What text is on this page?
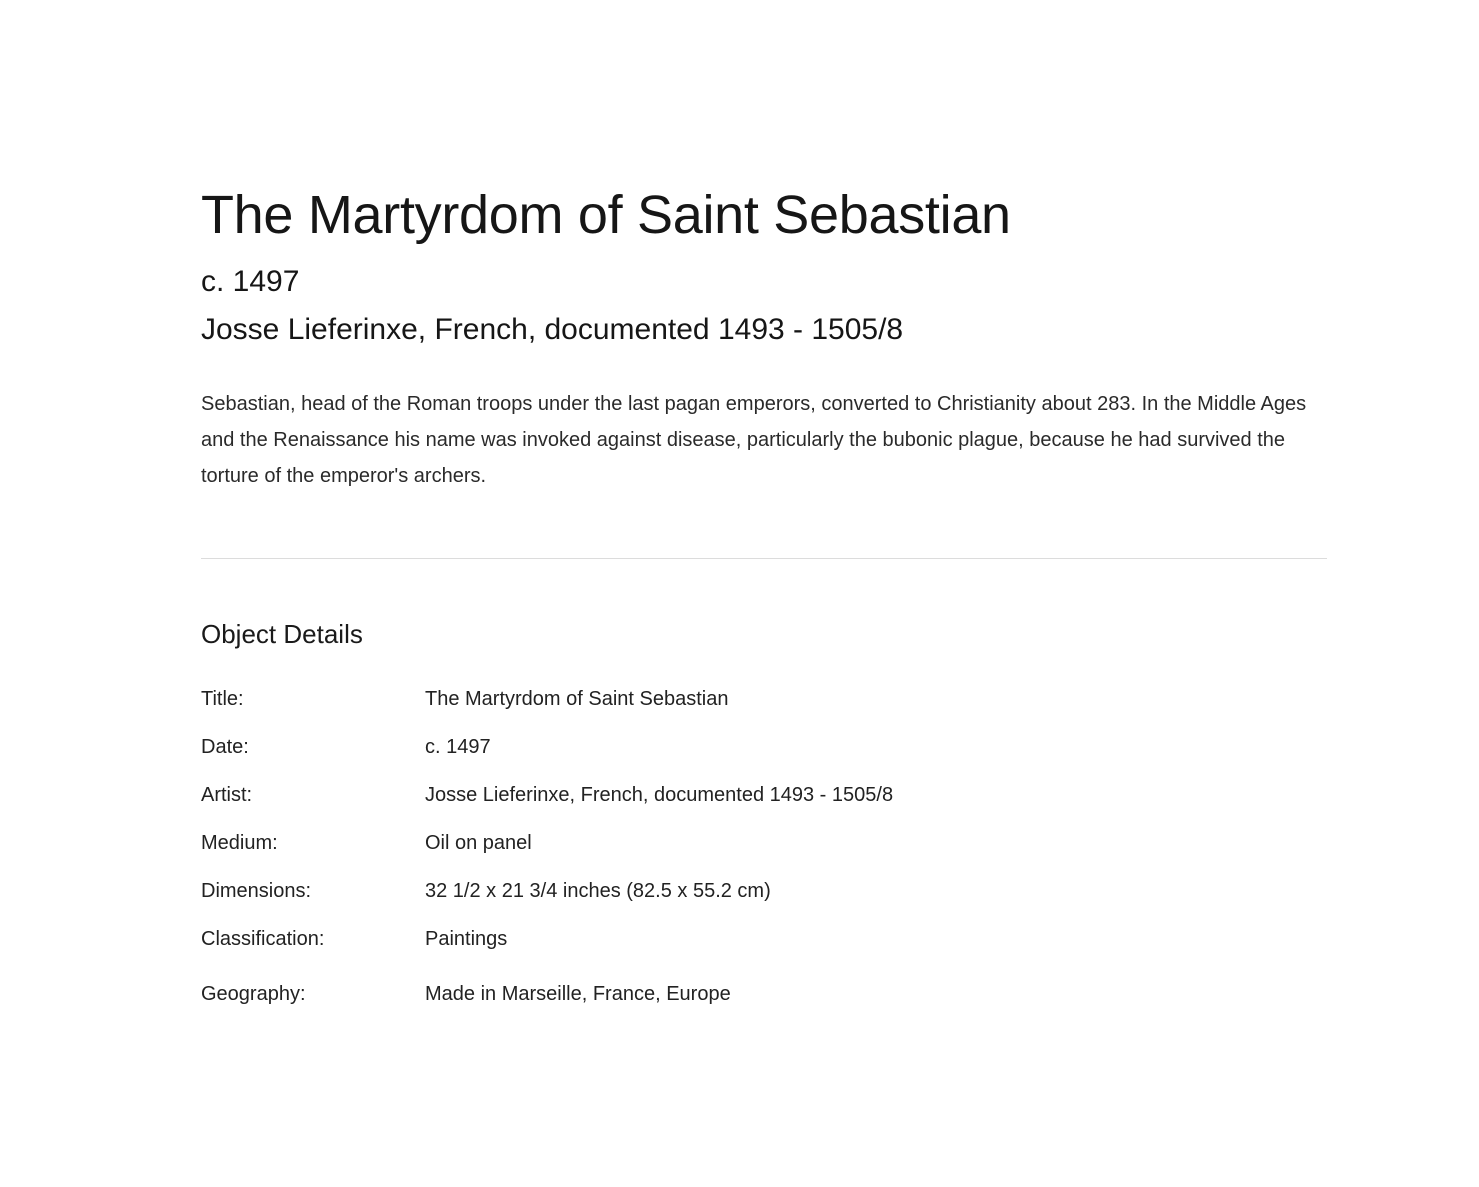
The Martyrdom of Saint Sebastian
c. 1497
Josse Lieferinxe, French, documented 1493 - 1505/8

Sebastian, head of the Roman troops under the last pagan emperors, converted to Christianity about 283. In the Middle Ages and the Renaissance his name was invoked against disease, particularly the bubonic plague, because he had survived the torture of the emperor's archers.

Object Details
Title:	The Martyrdom of Saint Sebastian
Date:	c. 1497
Artist:	Josse Lieferinxe, French, documented 1493 - 1505/8
Medium:	Oil on panel
Dimensions:	32 1/2 x 21 3/4 inches (82.5 x 55.2 cm)
Classification:	Paintings
Geography:	Made in Marseille, France, Europe
